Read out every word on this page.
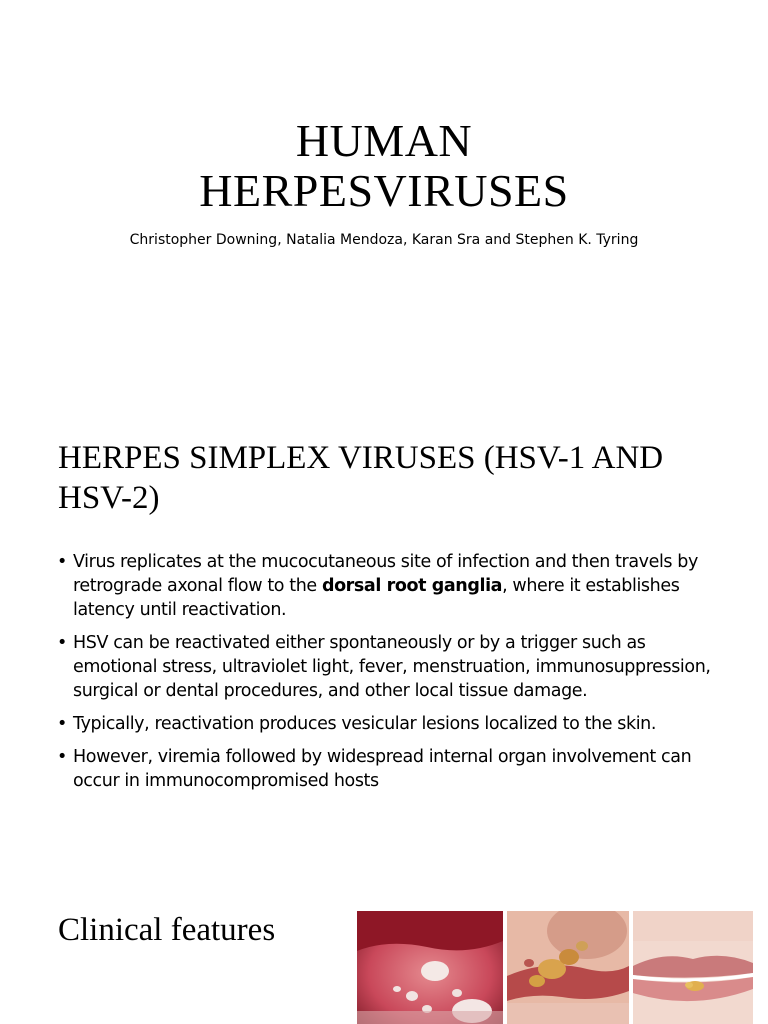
HUMAN
HERPESVIRUSES
Christopher Downing, Natalia Mendoza, Karan Sra and Stephen K. Tyring
HERPES SIMPLEX VIRUSES (HSV-1 AND HSV-2)
• Virus replicates at the mucocutaneous site of infection and then travels by retrograde axonal flow to the dorsal root ganglia, where it establishes latency until reactivation.
• HSV can be reactivated either spontaneously or by a trigger such as emotional stress, ultraviolet light, fever, menstruation, immunosuppression, surgical or dental procedures, and other local tissue damage.
• Typically, reactivation produces vesicular lesions localized to the skin.
• However, viremia followed by widespread internal organ involvement can occur in immunocompromised hosts
Clinical features
